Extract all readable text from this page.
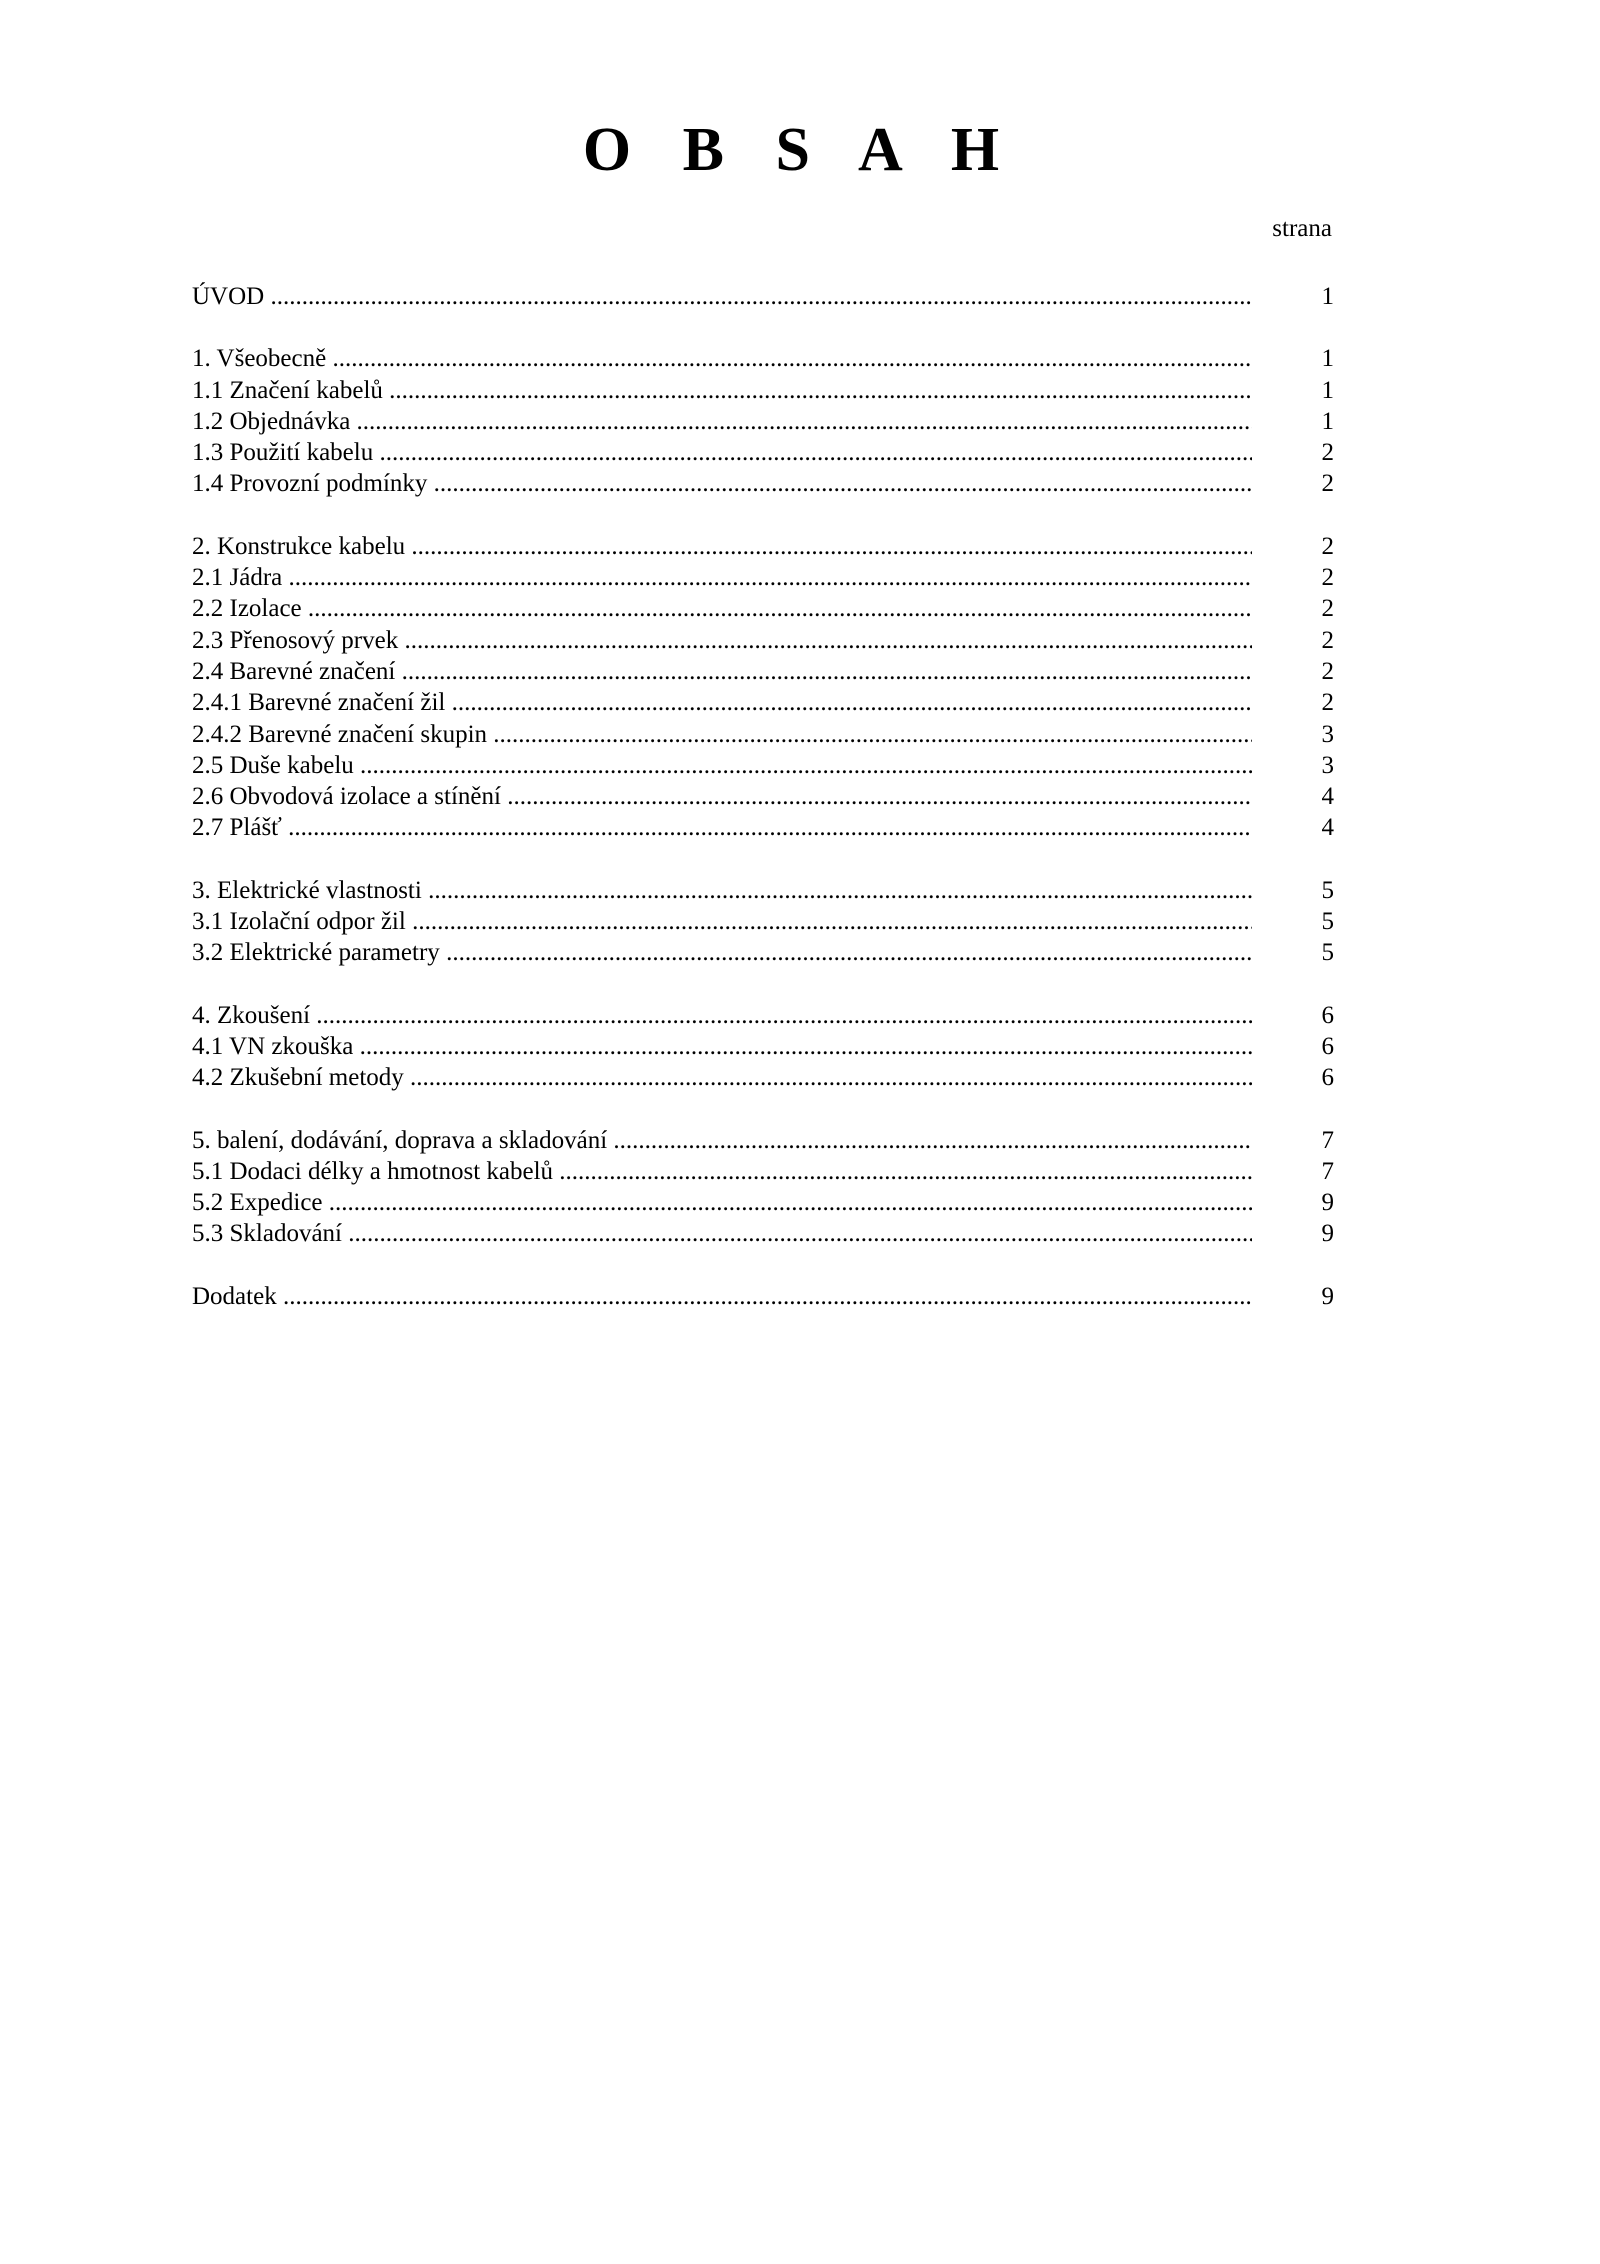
O B S A H
strana
ÚVOD .....	1
1. Všeobecně .....	1
1.1 Značení kabelů .....	1
1.2 Objednávka .....	1
1.3 Použití kabelu .....	2
1.4 Provozní podmínky .....	2
2. Konstrukce kabelu .....	2
2.1 Jádra .....	2
2.2 Izolace .....	2
2.3 Přenosový prvek .....	2
2.4 Barevné značení .....	2
2.4.1 Barevné značení žil .....	2
2.4.2 Barevné značení skupin .....	3
2.5 Duše kabelu .....	3
2.6 Obvodová izolace a stínění .....	4
2.7 Plášť .....	4
3. Elektrické vlastnosti .....	5
3.1 Izolační odpor žil .....	5
3.2 Elektrické parametry .....	5
4. Zkoušení .....	6
4.1 VN zkouška .....	6
4.2 Zkušební metody .....	6
5. balení, dodávání, doprava a skladování .....	7
5.1 Dodaci délky a hmotnost kabelů .....	7
5.2 Expedice .....	9
5.3 Skladování .....	9
Dodatek .....	9
